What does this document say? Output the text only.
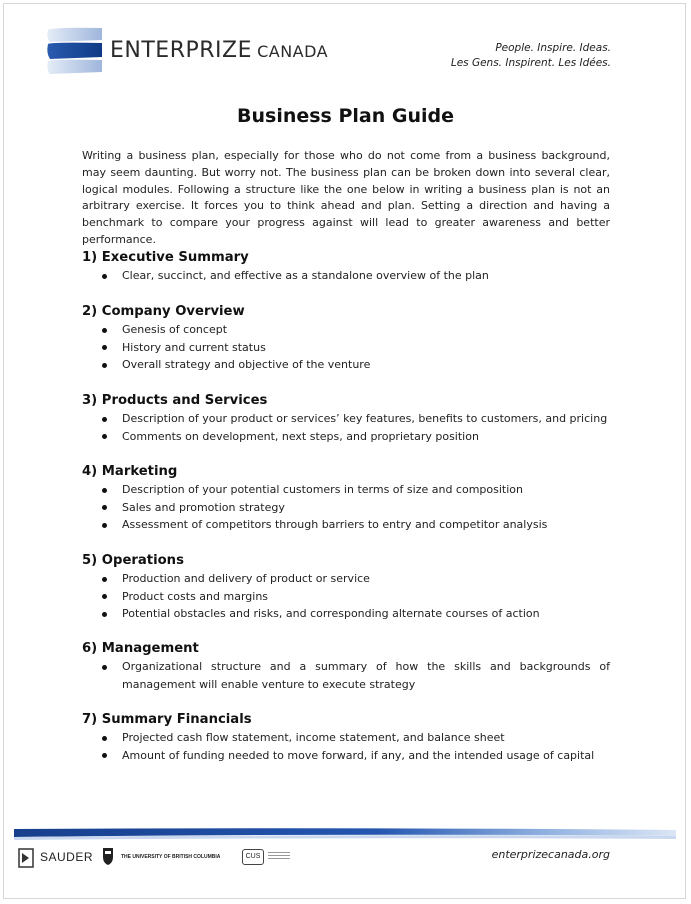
ENTERPRIZE CANADA	People. Inspire. Ideas.
Les Gens. Inspirent. Les Idées.
Business Plan Guide
Writing a business plan, especially for those who do not come from a business background, may seem daunting. But worry not. The business plan can be broken down into several clear, logical modules. Following a structure like the one below in writing a business plan is not an arbitrary exercise. It forces you to think ahead and plan. Setting a direction and having a benchmark to compare your progress against will lead to greater awareness and better performance.
1) Executive Summary
Clear, succinct, and effective as a standalone overview of the plan
2) Company Overview
Genesis of concept
History and current status
Overall strategy and objective of the venture
3) Products and Services
Description of your product or services’ key features, benefits to customers, and pricing
Comments on development, next steps, and proprietary position
4) Marketing
Description of your potential customers in terms of size and composition
Sales and promotion strategy
Assessment of competitors through barriers to entry and competitor analysis
5) Operations
Production and delivery of product or service
Product costs and margins
Potential obstacles and risks, and corresponding alternate courses of action
6) Management
Organizational structure and a summary of how the skills and backgrounds of management will enable venture to execute strategy
7) Summary Financials
Projected cash flow statement, income statement, and balance sheet
Amount of funding needed to move forward, if any, and the intended usage of capital
SAUDER	THE UNIVERSITY OF BRITISH COLUMBIA	CUS	enterprizecanada.org
